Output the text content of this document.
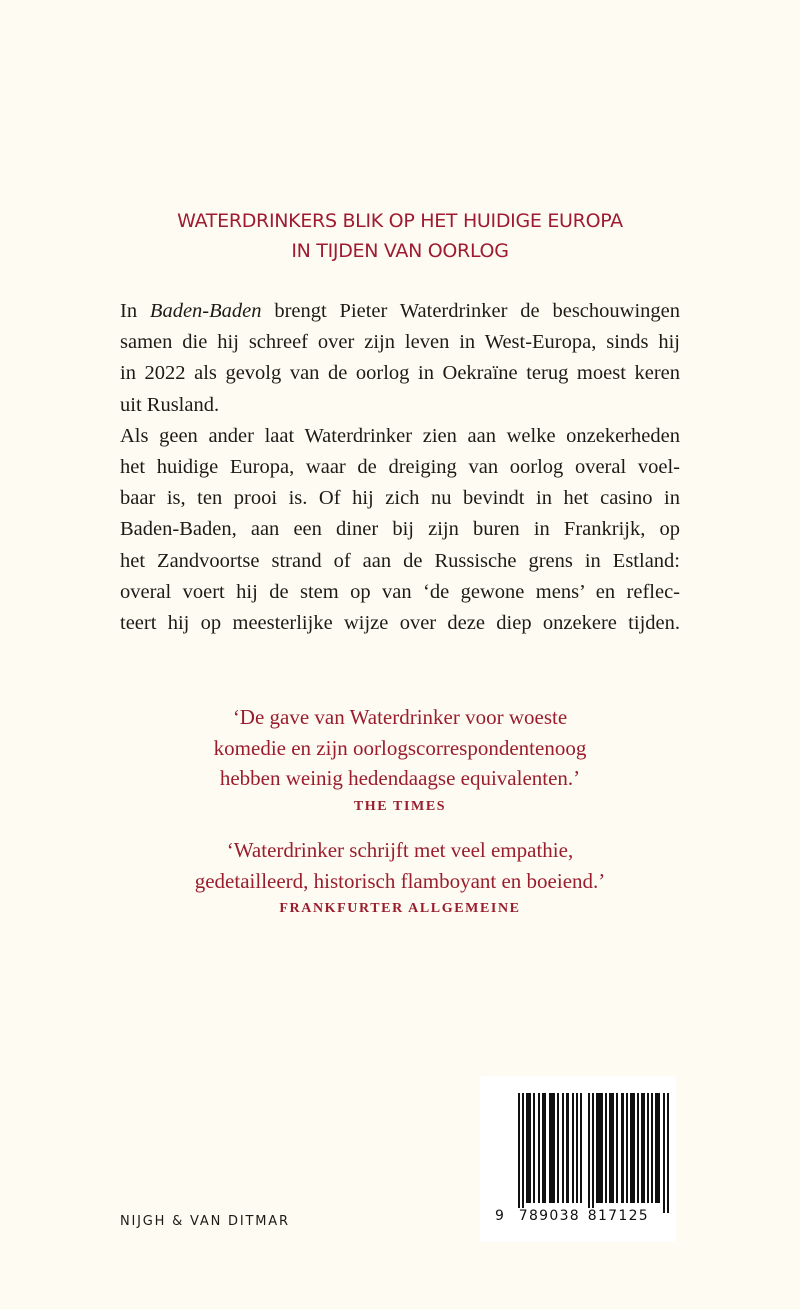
WATERDRINKERS BLIK OP HET HUIDIGE EUROPA
IN TIJDEN VAN OORLOG
In Baden-Baden brengt Pieter Waterdrinker de beschouwingen
samen die hij schreef over zijn leven in West-Europa, sinds hij
in 2022 als gevolg van de oorlog in Oekraïne terug moest keren
uit Rusland.
Als geen ander laat Waterdrinker zien aan welke onzekerheden
het huidige Europa, waar de dreiging van oorlog overal voel-
baar is, ten prooi is. Of hij zich nu bevindt in het casino in
Baden-Baden, aan een diner bij zijn buren in Frankrijk, op
het Zandvoortse strand of aan de Russische grens in Estland:
overal voert hij de stem op van ‘de gewone mens’ en reflec-
teert hij op meesterlijke wijze over deze diep onzekere tijden.
‘De gave van Waterdrinker voor woeste
komedie en zijn oorlogscorrespondentenoog
hebben weinig hedendaagse equivalenten.’
THE TIMES
‘Waterdrinker schrijft met veel empathie,
gedetailleerd, historisch flamboyant en boeiend.’
FRANKFURTER ALLGEMEINE
NIJGH & VAN DITMAR	9 789038 817125
